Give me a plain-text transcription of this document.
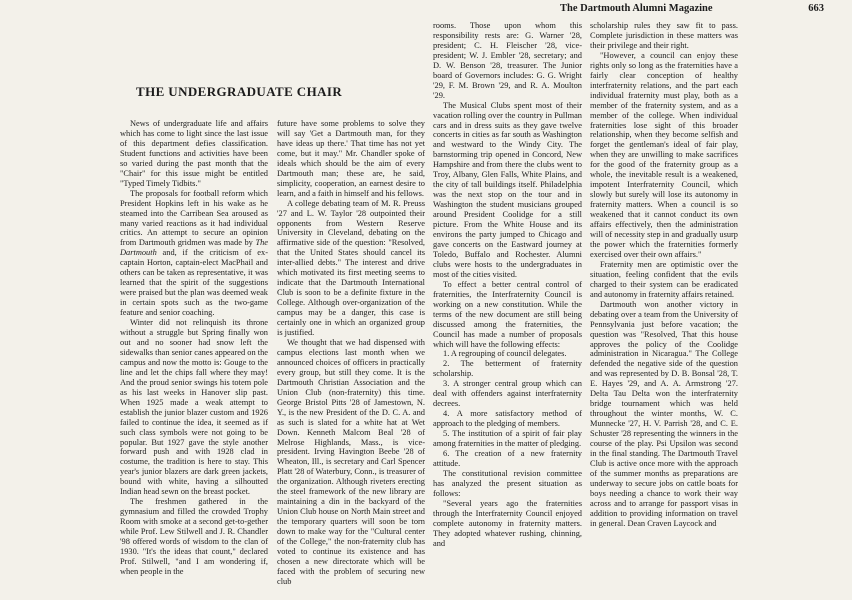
The Dartmouth Alumni Magazine	663
THE UNDERGRADUATE CHAIR

News of undergraduate life and affairs which has come to light since the last issue of this department defies classification. Student functions and activities have been so varied during the past month that the "Chair" for this issue might be entitled "Typed Timely Tidbits."

The proposals for football reform which President Hopkins left in his wake as he steamed into the Carribean Sea aroused as many varied reactions as it had individual critics. An attempt to secure an opinion from Dartmouth gridmen was made by The Dartmouth and, if the criticism of ex-captain Horton, captain-elect MacPhail and others can be taken as representative, it was learned that the spirit of the suggestions were praised but the plan was deemed weak in certain spots such as the two-game feature and senior coaching.

Winter did not relinquish its throne without a struggle but Spring finally won out and no sooner had snow left the sidewalks than senior canes appeared on the campus and now the motto is: Gouge to the line and let the chips fall where they may! And the proud senior swings his totem pole as his last weeks in Hanover slip past. When 1925 made a weak attempt to establish the junior blazer custom and 1926 failed to continue the idea, it seemed as if such class symbols were not going to be popular. But 1927 gave the style another forward push and with 1928 clad in costume, the tradition is here to stay. This year's junior blazers are dark green jackets, bound with white, having a silhoutted Indian head sewn on the breast pocket.

The freshmen gathered in the gymnasium and filled the crowded Trophy Room with smoke at a second get-to-gether while Prof. Lew Stilwell and J. R. Chandler '98 offered words of wisdom to the clan of 1930. "It's the ideas that count," declared Prof. Stilwell, "and I am wondering if, when people in the

future have some problems to solve they will say 'Get a Dartmouth man, for they have ideas up there.' That time has not yet come, but it may." Mr. Chandler spoke of ideals which should be the aim of every Dartmouth man; these are, he said, simplicity, cooperation, an earnest desire to learn, and a faith in himself and his fellows.

A college debating team of M. R. Preuss '27 and L. W. Taylor '28 outpointed their opponents from Western Reserve University in Cleveland, debating on the affirmative side of the question: "Resolved, that the United States should cancel its inter-allied debts." The interest and drive which motivated its first meeting seems to indicate that the Dartmouth International Club is soon to be a definite fixture in the College. Although over-organization of the campus may be a danger, this case is certainly one in which an organized group is justified.

We thought that we had dispensed with campus elections last month when we announced choices of officers in practically every group, but still they come. It is the Dartmouth Christian Association and the Union Club (non-fraternity) this time. George Bristol Pitts '28 of Jamestown, N. Y., is the new President of the D. C. A. and as such is slated for a white hat at Wet Down. Kenneth Malcom Beal '28 of Melrose Highlands, Mass., is vice-president. Irving Havington Beebe '28 of Wheaton, Ill., is secretary and Carl Spencer Platt '28 of Waterbury, Conn., is treasurer of the organization. Although riveters erecting the steel framework of the new library are maintaining a din in the backyard of the Union Club house on North Main street and the temporary quarters will soon be torn down to make way for the "Cultural center of the College," the non-fraternity club has voted to continue its existence and has chosen a new directorate which will be faced with the problem of securing new club

rooms. Those upon whom this responsibility rests are: G. Warner '28, president; C. H. Fleischer '28, vice-president; W. J. Embler '28, secretary; and D. W. Benson '28, treasurer. The Junior board of Governors includes: G. G. Wright '29, F. M. Brown '29, and R. A. Moulton '29.

The Musical Clubs spent most of their vacation rolling over the country in Pullman cars and in dress suits as they gave twelve concerts in cities as far south as Washington and westward to the Windy City. The barnstorming trip opened in Concord, New Hampshire and from there the clubs went to Troy, Albany, Glen Falls, White Plains, and the city of tall buildings itself. Philadelphia was the next stop on the tour and in Washington the student musicians grouped around President Coolidge for a still picture. From the White House and its environs the party jumped to Chicago and gave concerts on the Eastward journey at Toledo, Buffalo and Rochester. Alumni clubs were hosts to the undergraduates in most of the cities visited.

To effect a better central control of fraternities, the Interfraternity Council is working on a new constitution. While the terms of the new document are still being discussed among the fraternities, the Council has made a number of proposals which will have the following effects:

1. A regrouping of council delegates.

2. The betterment of fraternity scholarship.

3. A stronger central group which can deal with offenders against interfraternity decrees.

4. A more satisfactory method of approach to the pledging of members.

5. The institution of a spirit of fair play among fraternities in the matter of pledging.

6. The creation of a new fraternity attitude.

The constitutional revision committee has analyzed the present situation as follows:

"Several years ago the fraternities through the Interfraternity Council enjoyed complete autonomy in fraternity matters. They adopted whatever rushing, chinning, and

scholarship rules they saw fit to pass. Complete jurisdiction in these matters was their privilege and their right.

"However, a council can enjoy these rights only so long as the fraternities have a fairly clear conception of healthy interfraternity relations, and the part each individual fraternity must play, both as a member of the fraternity system, and as a member of the college. When individual fraternities lose sight of this broader relationship, when they become selfish and forget the gentleman's ideal of fair play, when they are unwilling to make sacrifices for the good of the fraternity group as a whole, the inevitable result is a weakened, impotent Interfraternity Council, which slowly but surely will lose its autonomy in fraternity matters. When a council is so weakened that it cannot conduct its own affairs effectively, then the administration will of necessity step in and gradually usurp the power which the fraternities formerly exercised over their own affairs."

Fraternity men are optimistic over the situation, feeling confident that the evils charged to their system can be eradicated and autonomy in fraternity affairs retained.

Dartmouth won another victory in debating over a team from the University of Pennsylvania just before vacation; the question was "Resolved, That this house approves the policy of the Coolidge administration in Nicaragua." The College defended the negative side of the question and was represented by D. B. Bonsal '28, T. E. Hayes '29, and A. A. Armstrong '27. Delta Tau Delta won the interfraternity bridge tournament which was held throughout the winter months, W. C. Munnecke '27, H. V. Parrish '28, and C. E. Schuster '28 representing the winners in the course of the play. Psi Upsilon was second in the final standing. The Dartmouth Travel Club is active once more with the approach of the summer months as preparations are underway to secure jobs on cattle boats for boys needing a chance to work their way across and to arrange for passport visas in addition to providing information on travel in general. Dean Craven Laycock and
